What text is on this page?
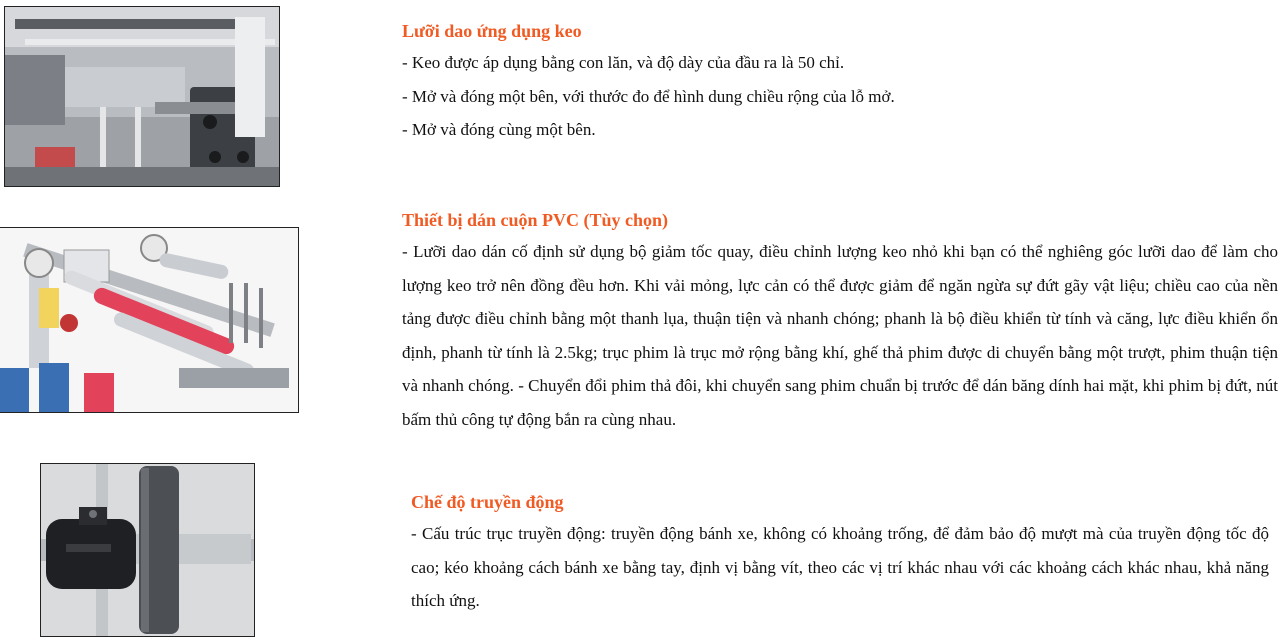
Lưỡi dao ứng dụng keo

- Keo được áp dụng bằng con lăn, và độ dày của đầu ra là 50 chỉ.

- Mở và đóng một bên, với thước đo để hình dung chiều rộng của lỗ mở.

- Mở và đóng cùng một bên.

Thiết bị dán cuộn PVC (Tùy chọn)

- Lưỡi dao dán cố định sử dụng bộ giảm tốc quay, điều chỉnh lượng keo nhỏ khi bạn có thể nghiêng góc lưỡi dao để làm cho lượng keo trở nên đồng đều hơn. Khi vải mỏng, lực cản có thể được giảm để ngăn ngừa sự đứt gãy vật liệu; chiều cao của nền tảng được điều chỉnh bằng một thanh lụa, thuận tiện và nhanh chóng; phanh là bộ điều khiển từ tính và căng, lực điều khiển ổn định, phanh từ tính là 2.5kg; trục phim là trục mở rộng bằng khí, ghế thả phim được di chuyển bằng một trượt, phim thuận tiện và nhanh chóng. - Chuyển đổi phim thả đôi, khi chuyển sang phim chuẩn bị trước để dán băng dính hai mặt, khi phim bị đứt, nút bấm thủ công tự động bắn ra cùng nhau.

Chế độ truyền động

- Cấu trúc trục truyền động: truyền động bánh xe, không có khoảng trống, để đảm bảo độ mượt mà của truyền động tốc độ cao; kéo khoảng cách bánh xe bằng tay, định vị bằng vít, theo các vị trí khác nhau với các khoảng cách khác nhau, khả năng thích ứng.
